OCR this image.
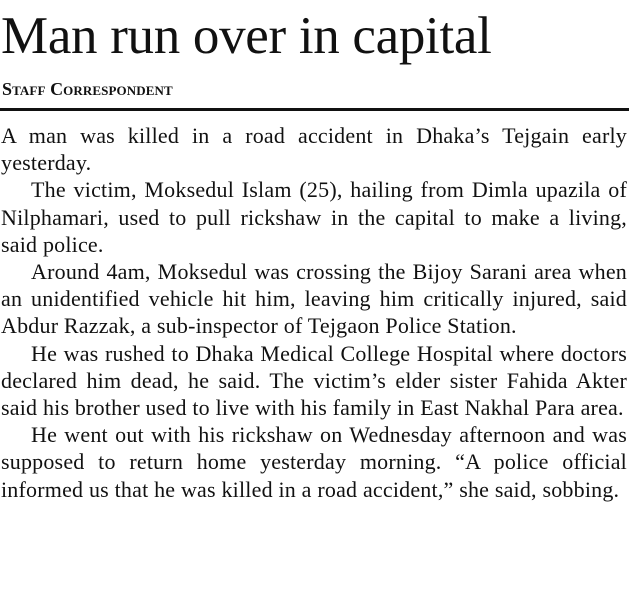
Man run over in capital
Staff Correspondent

A man was killed in a road accident in Dhaka’s Tejgain early yesterday.

The victim, Moksedul Islam (25), hailing from Dimla upazila of Nilphamari, used to pull rickshaw in the capital to make a living, said police.

Around 4am, Moksedul was crossing the Bijoy Sarani area when an unidentified vehicle hit him, leaving him critically injured, said Abdur Razzak, a sub-inspector of Tejgaon Police Station.

He was rushed to Dhaka Medical College Hospital where doctors declared him dead, he said. The victim’s elder sister Fahida Akter said his brother used to live with his family in East Nakhal Para area.

He went out with his rickshaw on Wednesday afternoon and was supposed to return home yesterday morning. “A police official informed us that he was killed in a road accident,” she said, sobbing.
